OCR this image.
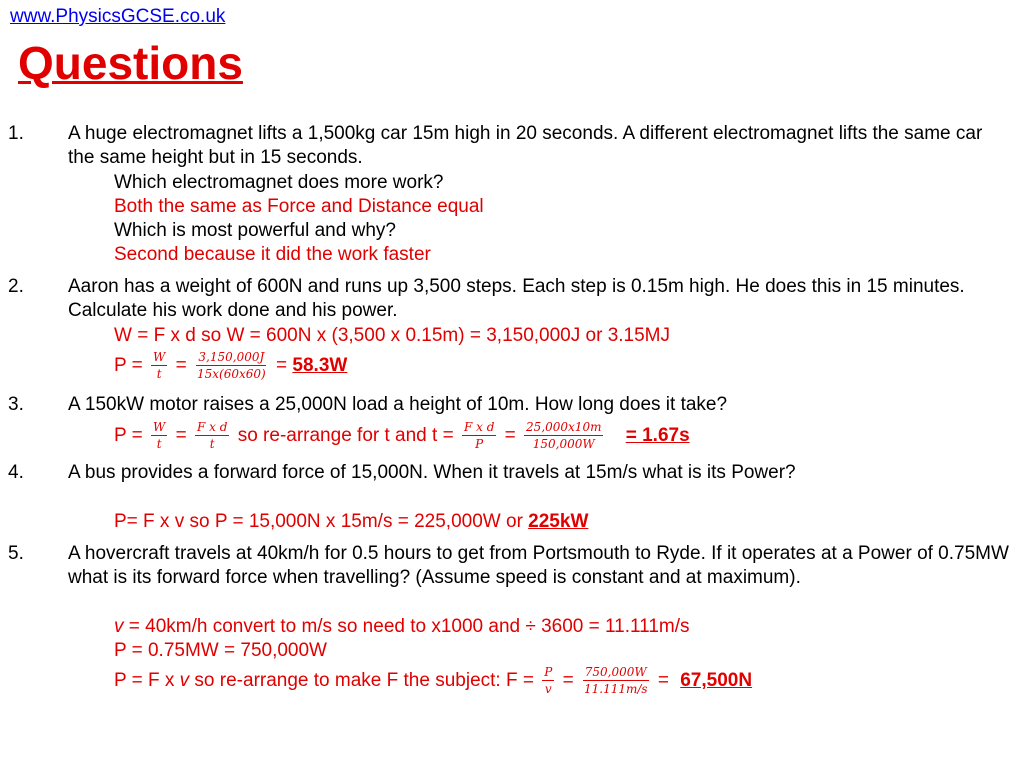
www.PhysicsGCSE.co.uk
Questions
1. A huge electromagnet lifts a 1,500kg car 15m high in 20 seconds. A different electromagnet lifts the same car the same height but in 15 seconds.
Which electromagnet does more work?
Both the same as Force and Distance equal
Which is most powerful and why?
Second because it did the work faster
2. Aaron has a weight of 600N and runs up 3,500 steps. Each step is 0.15m high. He does this in 15 minutes. Calculate his work done and his power.
W = F x d so W = 600N x (3,500 x 0.15m) = 3,150,000J or 3.15MJ
$P = \frac{W}{t} = \frac{3,150,000J}{15x(60x60)} = 58.3W$
3. A 150kW motor raises a 25,000N load a height of 10m. How long does it take?
$P = \frac{W}{t} = \frac{\text{F x d}}{t}$ so re-arrange for t and $t = \frac{\text{F x d}}{P} = \frac{25,000x10m}{150,000W} = 1.67s$
4. A bus provides a forward force of 15,000N. When it travels at 15m/s what is its Power?
P= F x v so P = 15,000N x 15m/s = 225,000W or 225kW
5. A hovercraft travels at 40km/h for 0.5 hours to get from Portsmouth to Ryde. If it operates at a Power of 0.75MW what is its forward force when travelling? (Assume speed is constant and at maximum).
v = 40km/h convert to m/s so need to x1000 and ÷ 3600 = 11.111m/s
P = 0.75MW = 750,000W
P = F x v so re-arrange to make F the subject: $F = \frac{P}{v} = \frac{750,000W}{11.111m/s} = 67,500N$
